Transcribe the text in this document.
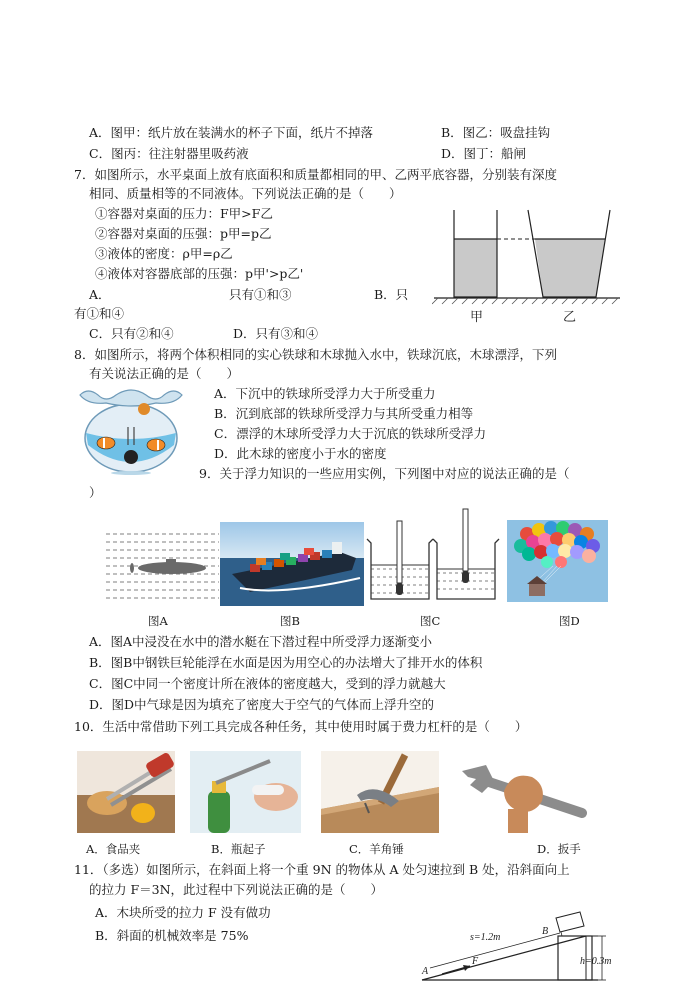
A．图甲：纸片放在装满水的杯子下面，纸片不掉落	B．图乙：吸盘挂钩
C．图丙：往注射器里吸药液	D．图丁：船闸
7．如图所示，水平桌面上放有底面积和质量都相同的甲、乙两平底容器，分别装有深度
相同、质量相等的不同液体。下列说法正确的是（　　）
①容器对桌面的压力：F甲>F乙
②容器对桌面的压强：p甲=p乙
③液体的密度：ρ甲=ρ乙
④液体对容器底部的压强：p甲'>p乙'
A．	只有①和③	B．只
有①和④
C．只有②和④	D．只有③和④
甲	乙
8．如图所示，将两个体积相同的实心铁球和木球抛入水中，铁球沉底，木球漂浮，下列
有关说法正确的是（　　）
A．下沉中的铁球所受浮力大于所受重力
B．沉到底部的铁球所受浮力与其所受重力相等
C．漂浮的木球所受浮力大于沉底的铁球所受浮力
D．此木球的密度小于水的密度
9．关于浮力知识的一些应用实例，下列图中对应的说法正确的是（
）
图A	图B	图C	图D
A．图A中浸没在水中的潜水艇在下潜过程中所受浮力逐渐变小
B．图B中钢铁巨轮能浮在水面是因为用空心的办法增大了排开水的体积
C．图C中同一个密度计所在液体的密度越大，受到的浮力就越大
D．图D中气球是因为填充了密度大于空气的气体而上浮升空的
10．生活中常借助下列工具完成各种任务，其中使用时属于费力杠杆的是（　　）
A．食品夹	B．瓶起子	C．羊角锤	D．扳手
11．（多选）如图所示，在斜面上将一个重 9N 的物体从 A 处匀速拉到 B 处，沿斜面向上
的拉力 F＝3N，此过程中下列说法正确的是（　　）
A．木块所受的拉力 F 没有做功
B．斜面的机械效率是 75%	s=1.2m
h=0.3m
A
B
F
